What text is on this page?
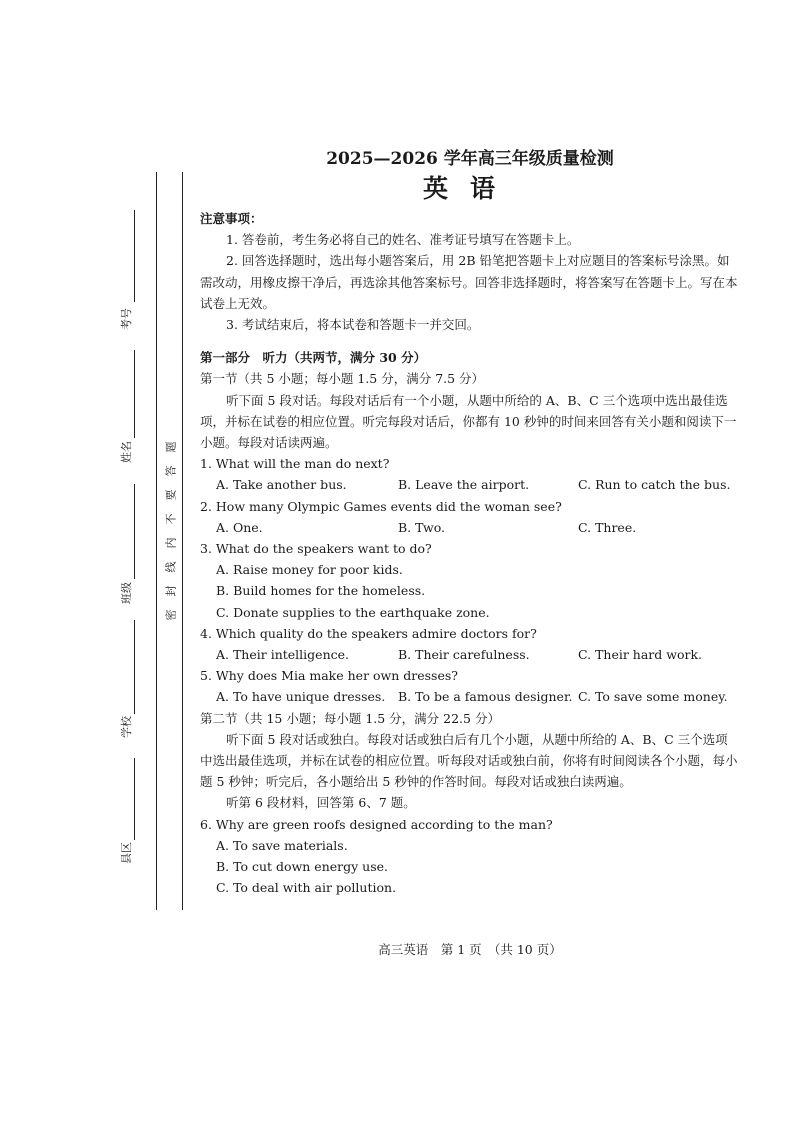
考号
姓名
班级
学校
县区
题
答
要
不
内
线
封
密
2025—2026 学年高三年级质量检测
英语

注意事项：

1. 答卷前，考生务必将自己的姓名、准考证号填写在答题卡上。

2. 回答选择题时，选出每小题答案后，用 2B 铅笔把答题卡上对应题目的答案标号涂黑。如需改动，用橡皮擦干净后，再选涂其他答案标号。回答非选择题时，将答案写在答题卡上。写在本试卷上无效。

3. 考试结束后，将本试卷和答题卡一并交回。

第一部分　听力（共两节，满分 30 分）

第一节（共 5 小题；每小题 1.5 分，满分 7.5 分）

听下面 5 段对话。每段对话后有一个小题，从题中所给的 A、B、C 三个选项中选出最佳选项，并标在试卷的相应位置。听完每段对话后，你都有 10 秒钟的时间来回答有关小题和阅读下一小题。每段对话读两遍。

1. What will the man do next?

A. Take another bus.	B. Leave the airport.	C. Run to catch the bus.

2. How many Olympic Games events did the woman see?

A. One.	B. Two.	C. Three.

3. What do the speakers want to do?

A. Raise money for poor kids.
B. Build homes for the homeless.
C. Donate supplies to the earthquake zone.

4. Which quality do the speakers admire doctors for?

A. Their intelligence.	B. Their carefulness.	C. Their hard work.

5. Why does Mia make her own dresses?

A. To have unique dresses.	B. To be a famous designer. C. To save some money.

第二节（共 15 小题；每小题 1.5 分，满分 22.5 分）

听下面 5 段对话或独白。每段对话或独白后有几个小题，从题中所给的 A、B、C 三个选项中选出最佳选项，并标在试卷的相应位置。听每段对话或独白前，你将有时间阅读各个小题，每小题 5 秒钟；听完后，各小题给出 5 秒钟的作答时间。每段对话或独白读两遍。

听第 6 段材料，回答第 6、7 题。

6. Why are green roofs designed according to the man?

A. To save materials.
B. To cut down energy use.
C. To deal with air pollution.
高三英语　第 1 页　（共 10 页）
